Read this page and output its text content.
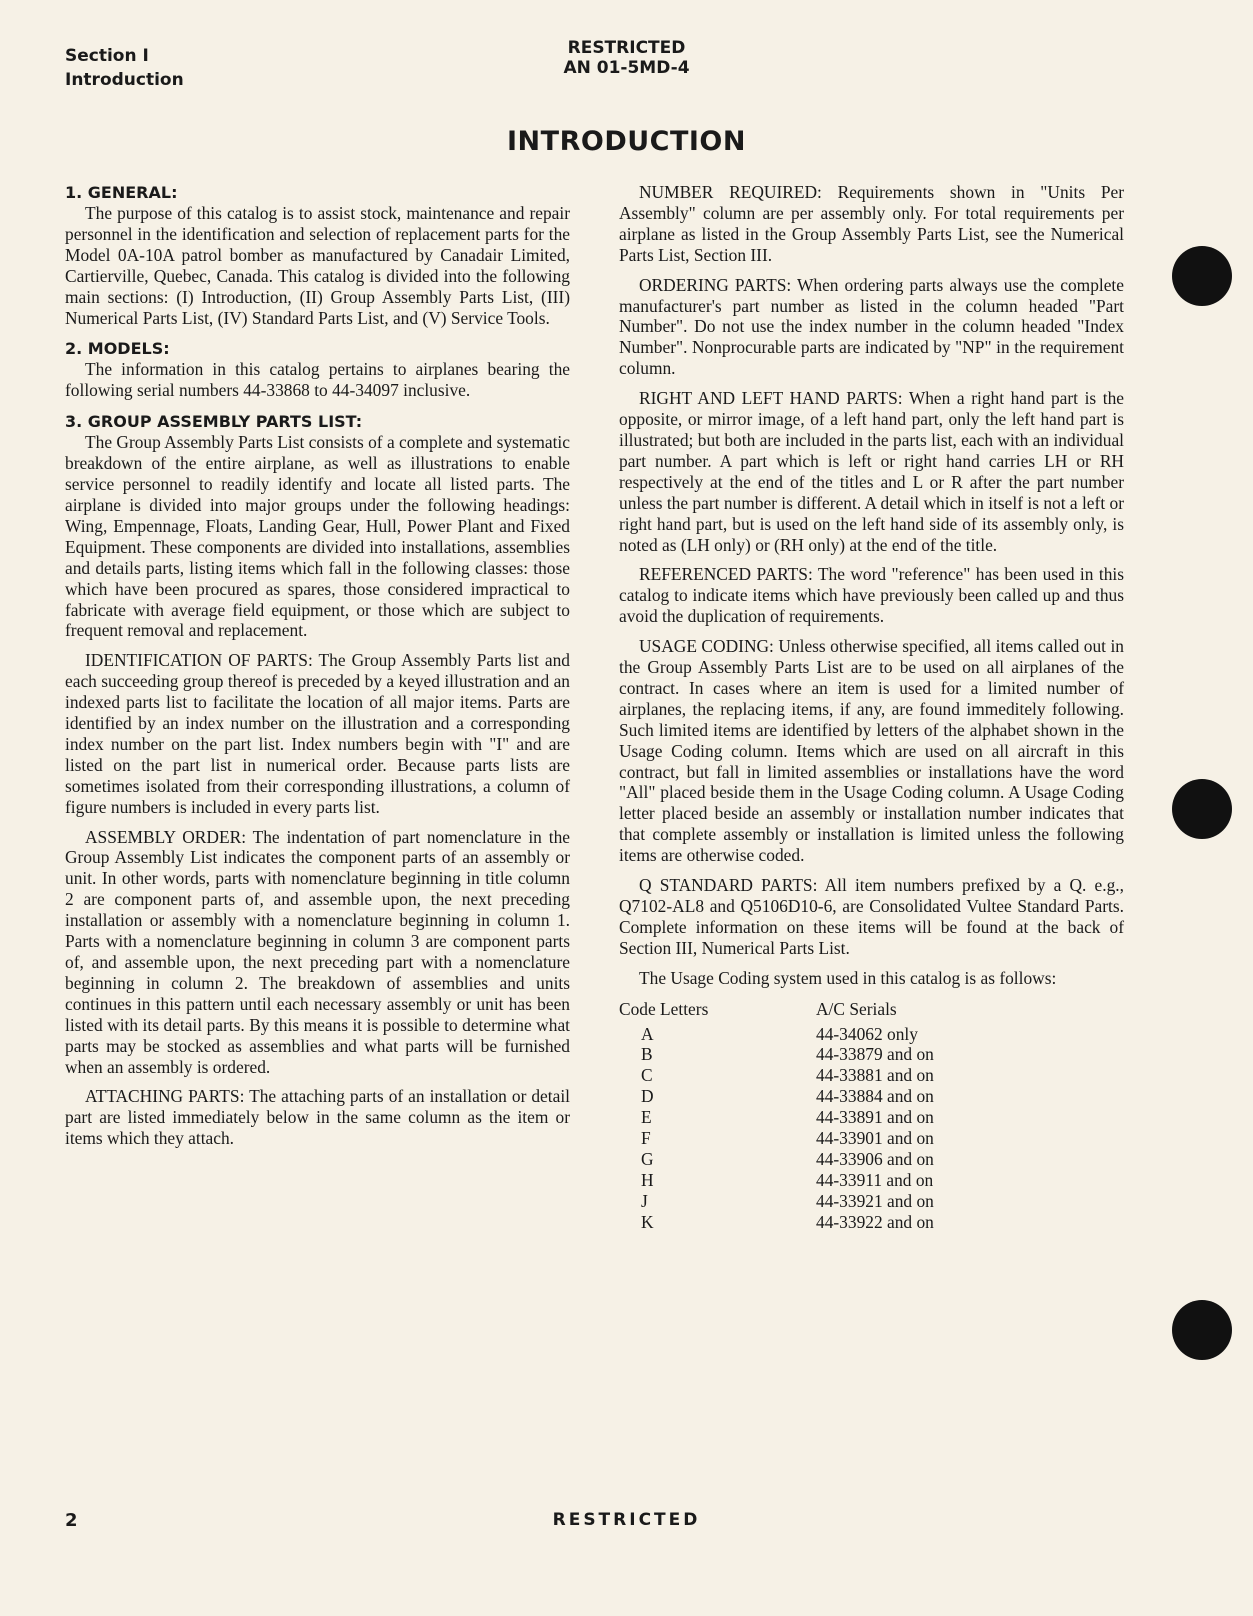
Section I
Introduction
RESTRICTED
AN 01-5MD-4
INTRODUCTION
1. GENERAL:

The purpose of this catalog is to assist stock, maintenance and repair personnel in the identification and selection of replacement parts for the Model 0A-10A patrol bomber as manufactured by Canadair Limited, Cartierville, Quebec, Canada. This catalog is divided into the following main sections: (I) Introduction, (II) Group Assembly Parts List, (III) Numerical Parts List, (IV) Standard Parts List, and (V) Service Tools.

2. MODELS:

The information in this catalog pertains to airplanes bearing the following serial numbers 44-33868 to 44-34097 inclusive.

3. GROUP ASSEMBLY PARTS LIST:

The Group Assembly Parts List consists of a complete and systematic breakdown of the entire airplane, as well as illustrations to enable service personnel to readily identify and locate all listed parts. The airplane is divided into major groups under the following headings: Wing, Empennage, Floats, Landing Gear, Hull, Power Plant and Fixed Equipment. These components are divided into installations, assemblies and details parts, listing items which fall in the following classes: those which have been procured as spares, those considered impractical to fabricate with average field equipment, or those which are subject to frequent removal and replacement.

IDENTIFICATION OF PARTS: The Group Assembly Parts list and each succeeding group thereof is preceded by a keyed illustration and an indexed parts list to facilitate the location of all major items. Parts are identified by an index number on the illustration and a corresponding index number on the part list. Index numbers begin with "I" and are listed on the part list in numerical order. Because parts lists are sometimes isolated from their corresponding illustrations, a column of figure numbers is included in every parts list.

ASSEMBLY ORDER: The indentation of part nomenclature in the Group Assembly List indicates the component parts of an assembly or unit. In other words, parts with nomenclature beginning in title column 2 are component parts of, and assemble upon, the next preceding installation or assembly with a nomenclature beginning in column 1. Parts with a nomenclature beginning in column 3 are component parts of, and assemble upon, the next preceding part with a nomenclature beginning in column 2. The breakdown of assemblies and units continues in this pattern until each necessary assembly or unit has been listed with its detail parts. By this means it is possible to determine what parts may be stocked as assemblies and what parts will be furnished when an assembly is ordered.

ATTACHING PARTS: The attaching parts of an installation or detail part are listed immediately below in the same column as the item or items which they attach.

NUMBER REQUIRED: Requirements shown in "Units Per Assembly" column are per assembly only. For total requirements per airplane as listed in the Group Assembly Parts List, see the Numerical Parts List, Section III.

ORDERING PARTS: When ordering parts always use the complete manufacturer's part number as listed in the column headed "Part Number". Do not use the index number in the column headed "Index Number". Nonprocurable parts are indicated by "NP" in the requirement column.

RIGHT AND LEFT HAND PARTS: When a right hand part is the opposite, or mirror image, of a left hand part, only the left hand part is illustrated; but both are included in the parts list, each with an individual part number. A part which is left or right hand carries LH or RH respectively at the end of the titles and L or R after the part number unless the part number is different. A detail which in itself is not a left or right hand part, but is used on the left hand side of its assembly only, is noted as (LH only) or (RH only) at the end of the title.

REFERENCED PARTS: The word "reference" has been used in this catalog to indicate items which have previously been called up and thus avoid the duplication of requirements.

USAGE CODING: Unless otherwise specified, all items called out in the Group Assembly Parts List are to be used on all airplanes of the contract. In cases where an item is used for a limited number of airplanes, the replacing items, if any, are found immeditely following. Such limited items are identified by letters of the alphabet shown in the Usage Coding column. Items which are used on all aircraft in this contract, but fall in limited assemblies or installations have the word "All" placed beside them in the Usage Coding column. A Usage Coding letter placed beside an assembly or installation number indicates that that complete assembly or installation is limited unless the following items are otherwise coded.

Q STANDARD PARTS: All item numbers prefixed by a Q. e.g., Q7102-AL8 and Q5106D10-6, are Consolidated Vultee Standard Parts. Complete information on these items will be found at the back of Section III, Numerical Parts List.

The Usage Coding system used in this catalog is as follows:

Code Letters	A/C Serials
A	44-34062 only
B	44-33879 and on
C	44-33881 and on
D	44-33884 and on
E	44-33891 and on
F	44-33901 and on
G	44-33906 and on
H	44-33911 and on
J	44-33921 and on
K	44-33922 and on
2	RESTRICTED
